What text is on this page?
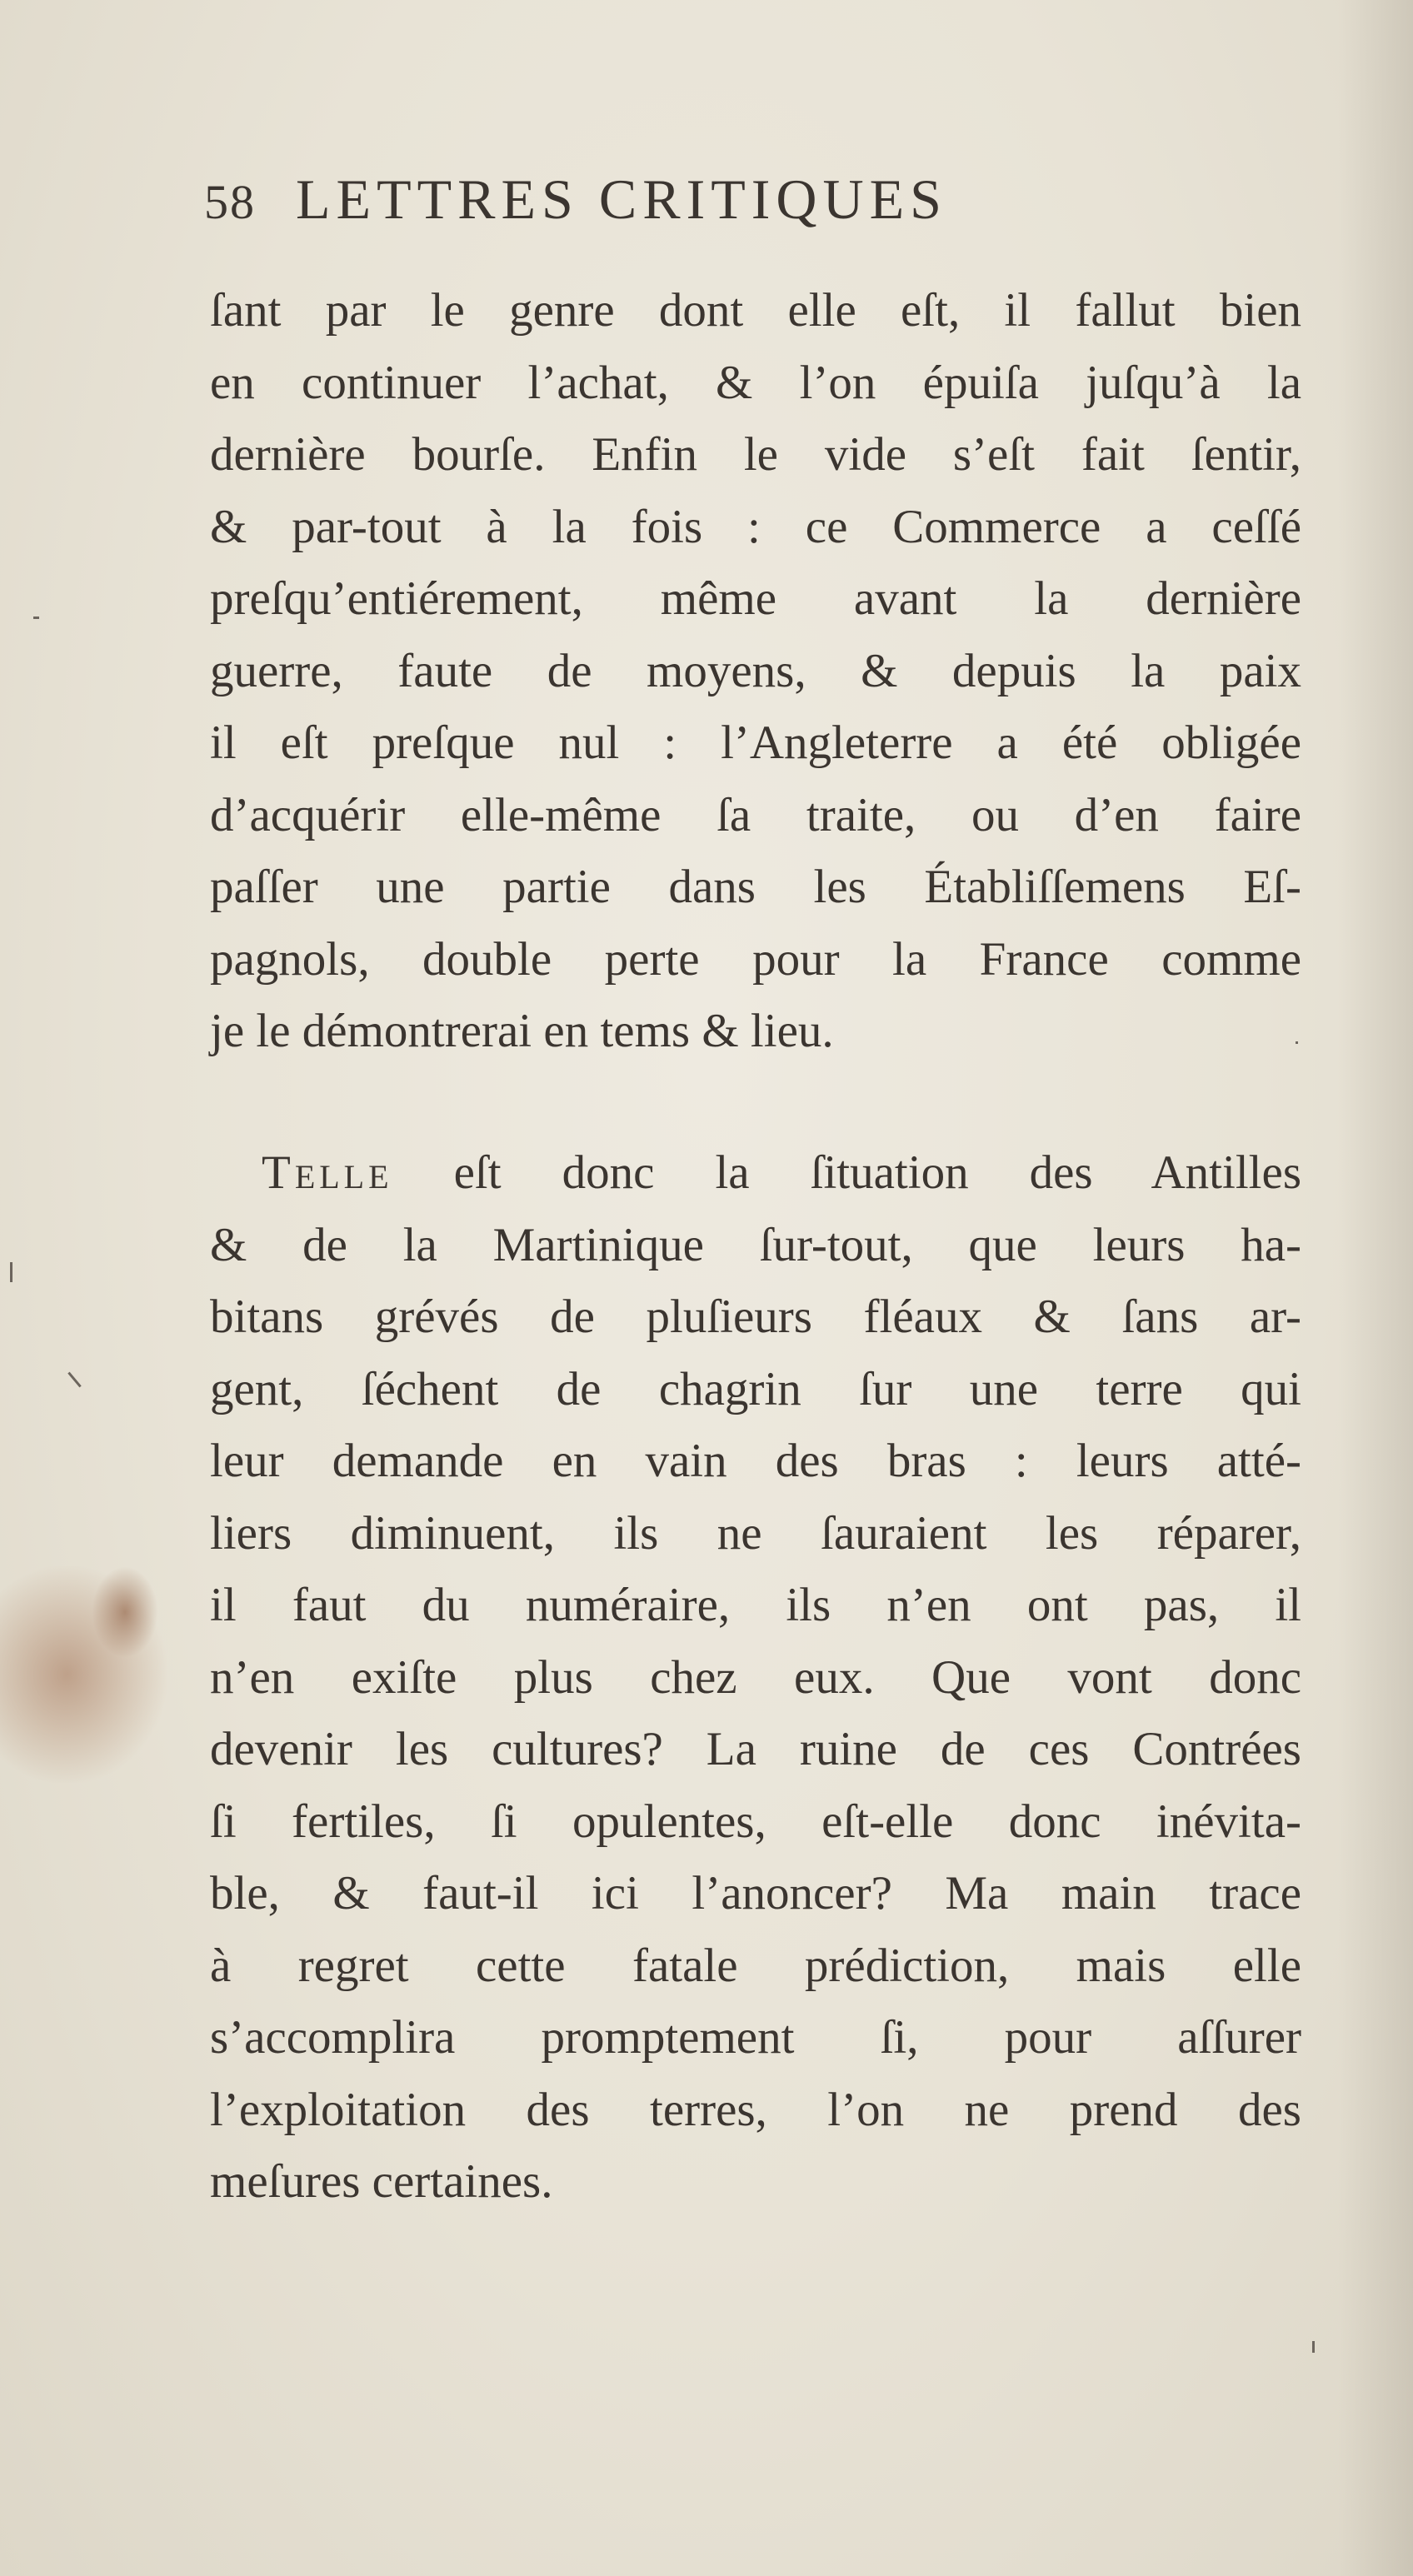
58 LETTRES CRITIQUES
ſant par le genre dont elle eſt, il fallut bien
en continuer l’achat, & l’on épuiſa juſqu’à la
dernière bourſe. Enfin le vide s’eſt fait ſentir,
& par-tout à la fois : ce Commerce a ceſſé
preſqu’entiérement, même avant la dernière
guerre, faute de moyens, & depuis la paix
il eſt preſque nul : l’Angleterre a été obligée
d’acquérir elle-même ſa traite, ou d’en faire
paſſer une partie dans les Établiſſemens Eſ-
pagnols, double perte pour la France comme
je le démontrerai en tems & lieu.
Telle eſt donc la ſituation des Antilles
& de la Martinique ſur-tout, que leurs ha-
bitans grévés de pluſieurs fléaux & ſans ar-
gent, ſéchent de chagrin ſur une terre qui
leur demande en vain des bras : leurs atté-
liers diminuent, ils ne ſauraient les réparer,
il faut du numéraire, ils n’en ont pas, il
n’en exiſte plus chez eux. Que vont donc
devenir les cultures? La ruine de ces Contrées
ſi fertiles, ſi opulentes, eſt-elle donc inévita-
ble, & faut-il ici l’anoncer? Ma main trace
à regret cette fatale prédiction, mais elle
s’accomplira promptement ſi, pour aſſurer
l’exploitation des terres, l’on ne prend des
meſures certaines.
